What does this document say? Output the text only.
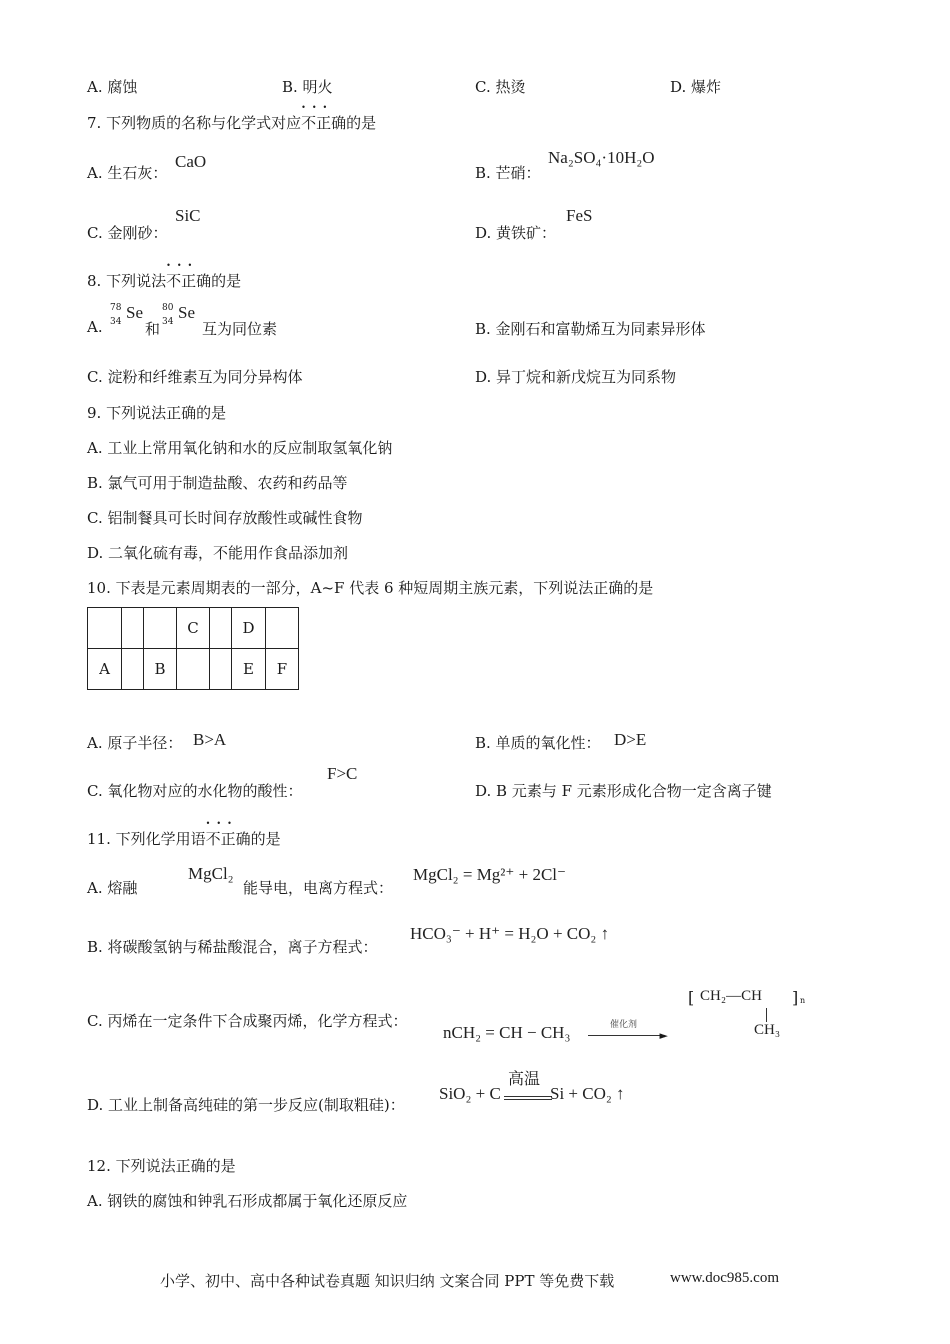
A. 腐蚀	B. 明火	C. 热烫	D. 爆炸
7. 下列物质的名称与化学式对应••• 不正确的是
A. 生石灰：
CaO
B. 芒硝：
Na₂SO₄·10H₂O
C. 金刚砂：
SiC
D. 黄铁矿：
FeS
8. 下列说法••• 不正确的是
A.
78
34 Se
和
80
34 Se
互为同位素	B. 金刚石和富勒烯互为同素异形体
C. 淀粉和纤维素互为同分异构体	D. 异丁烷和新戊烷互为同系物
9. 下列说法正确的是
A. 工业上常用氧化钠和水的反应制取氢氧化钠
B. 氯气可用于制造盐酸、农药和药品等
C. 铝制餐具可长时间存放酸性或碱性食物
D. 二氧化硫有毒，不能用作食品添加剂
10. 下表是元素周期表的一部分，A~F 代表 6 种短周期主族元素，下列说法正确的是
			C		D	
A		B			E	F
A. 原子半径： B>A	B. 单质的氧化性： D>E
C. 氧化物对应的水化物的酸性：
F>C
D. B 元素与 F 元素形成化合物一定含离子键
11. 下列化学用语••• 不正确的是
A. 熔融
MgCl₂
能导电，电离方程式：
MgCl₂ = Mg²⁺ + 2Cl⁻
B. 将碳酸氢钠与稀盐酸混合，离子方程式：
HCO₃⁻ + H⁺ = H₂O + CO₂ ↑
C. 丙烯在一定条件下合成聚丙烯，化学方程式：
nCH₂ = CH − CH₃	催化剂
►
[ CH₂—CH ] n
CH₃
D. 工业上制备高纯硅的第一步反应(制取粗硅)：
SiO₂ + C
高温
Si + CO₂ ↑
12. 下列说法正确的是
A. 钢铁的腐蚀和钟乳石形成都属于氧化还原反应
小学、初中、高中各种试卷真题 知识归纳 文案合同 PPT 等免费下载	www.doc985.com
